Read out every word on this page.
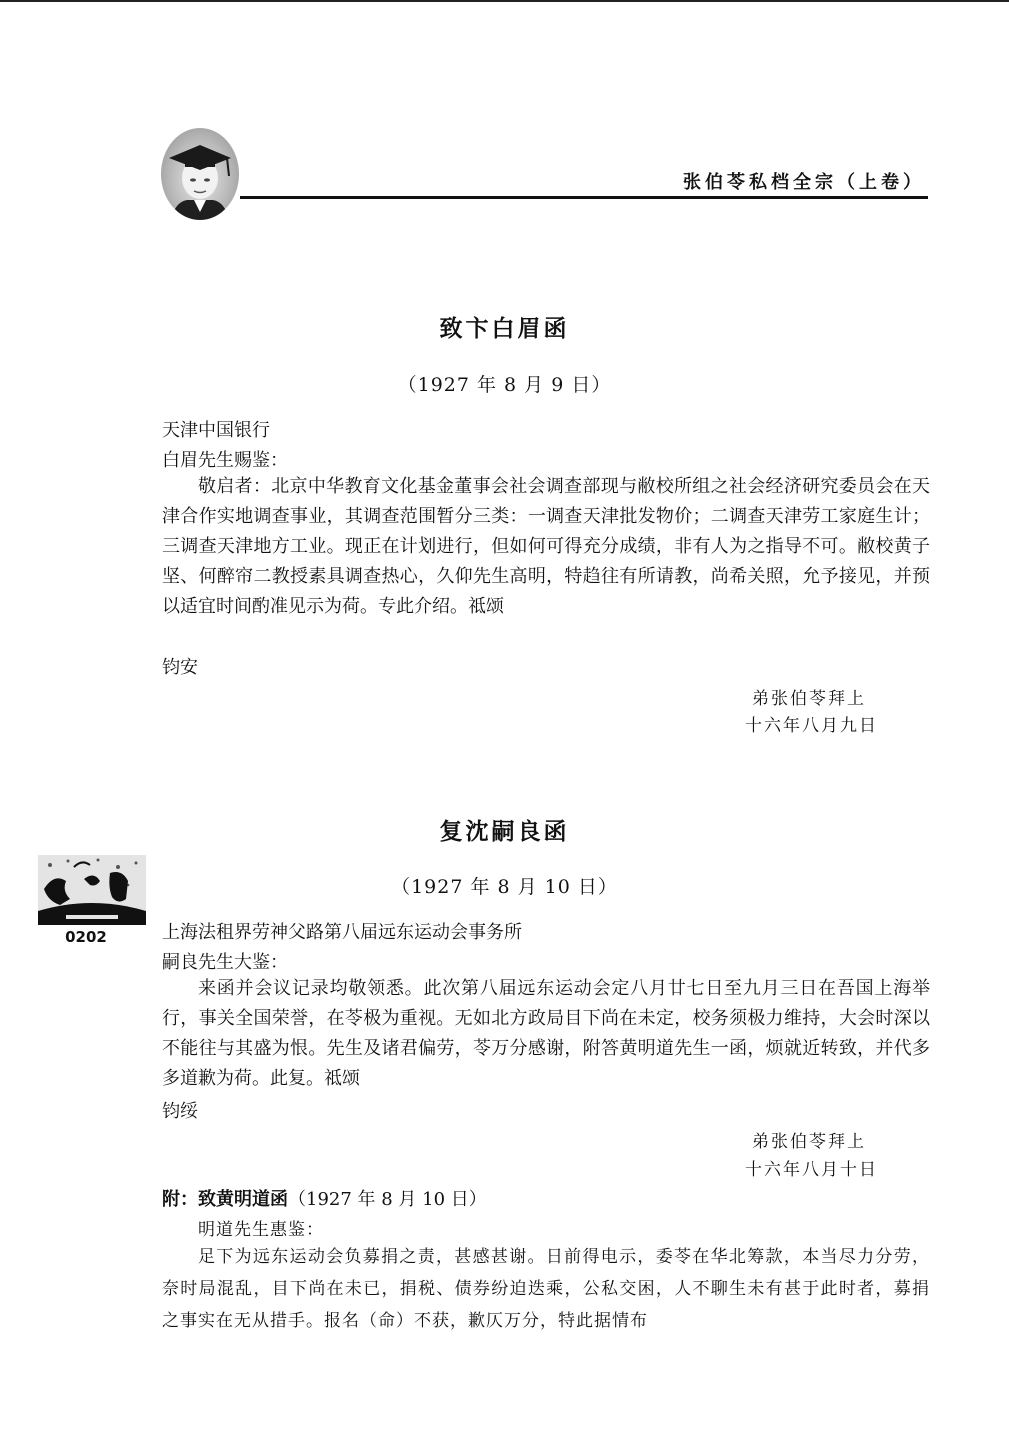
张伯苓私档全宗（上卷）
致卞白眉函
（1927 年 8 月 9 日）
天津中国银行
白眉先生赐鉴：
敬启者：北京中华教育文化基金董事会社会调查部现与敝校所组之社会经济研究委员会在天津合作实地调查事业，其调查范围暂分三类：一调查天津批发物价；二调查天津劳工家庭生计；三调查天津地方工业。现正在计划进行，但如何可得充分成绩，非有人为之指导不可。敝校黄子坚、何醉帘二教授素具调查热心，久仰先生高明，特趋往有所请教，尚希关照，允予接见，并预以适宜时间酌准见示为荷。专此介绍。祗颂
钧安
弟张伯苓拜上
十六年八月九日
复沈嗣良函
（1927 年 8 月 10 日）
0202	上海法租界劳神父路第八届远东运动会事务所
嗣良先生大鉴：
来函并会议记录均敬领悉。此次第八届远东运动会定八月廿七日至九月三日在吾国上海举行，事关全国荣誉，在苓极为重视。无如北方政局目下尚在未定，校务须极力维持，大会时深以不能往与其盛为恨。先生及诸君偏劳，苓万分感谢，附答黄明道先生一函，烦就近转致，并代多多道歉为荷。此复。祗颂
钧绥
弟张伯苓拜上
十六年八月十日
附：致黄明道函（1927 年 8 月 10 日）
明道先生惠鉴：
足下为远东运动会负募捐之责，甚感甚谢。日前得电示，委苓在华北筹款，本当尽力分劳，奈时局混乱，目下尚在未已，捐税、债券纷迫迭乘，公私交困，人不聊生未有甚于此时者，募捐之事实在无从措手。报名（命）不获，歉仄万分，特此据情布
